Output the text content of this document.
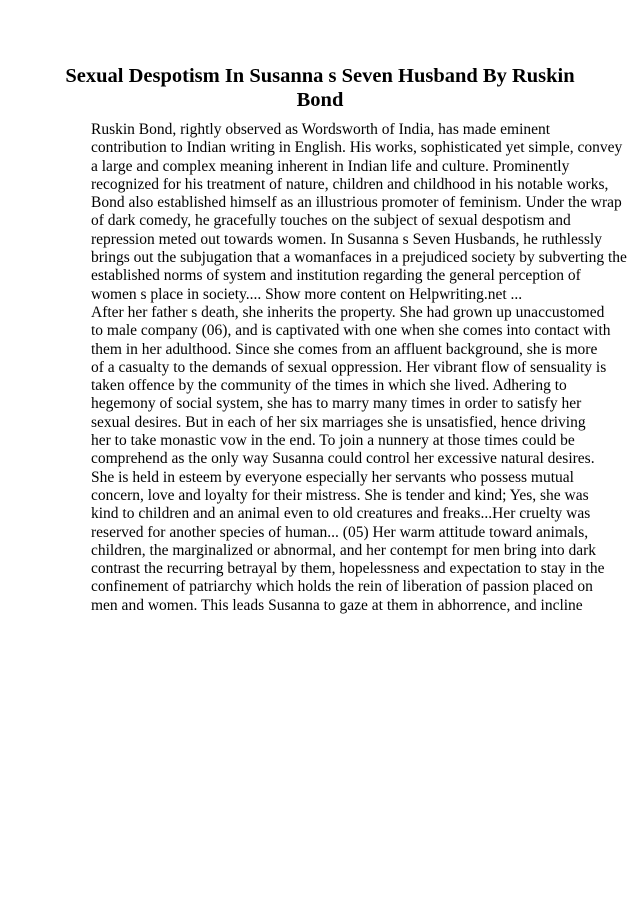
Sexual Despotism In Susanna s Seven Husband By Ruskin
Bond
Ruskin Bond, rightly observed as Wordsworth of India, has made eminent
contribution to Indian writing in English. His works, sophisticated yet simple, convey
a large and complex meaning inherent in Indian life and culture. Prominently
recognized for his treatment of nature, children and childhood in his notable works,
Bond also established himself as an illustrious promoter of feminism. Under the wrap
of dark comedy, he gracefully touches on the subject of sexual despotism and
repression meted out towards women. In Susanna s Seven Husbands, he ruthlessly
brings out the subjugation that a womanfaces in a prejudiced society by subverting the
established norms of system and institution regarding the general perception of
women s place in society.... Show more content on Helpwriting.net ...
After her father s death, she inherits the property. She had grown up unaccustomed
to male company (06), and is captivated with one when she comes into contact with
them in her adulthood. Since she comes from an affluent background, she is more
of a casualty to the demands of sexual oppression. Her vibrant flow of sensuality is
taken offence by the community of the times in which she lived. Adhering to
hegemony of social system, she has to marry many times in order to satisfy her
sexual desires. But in each of her six marriages she is unsatisfied, hence driving
her to take monastic vow in the end. To join a nunnery at those times could be
comprehend as the only way Susanna could control her excessive natural desires.
She is held in esteem by everyone especially her servants who possess mutual
concern, love and loyalty for their mistress. She is tender and kind; Yes, she was
kind to children and an animal even to old creatures and freaks...Her cruelty was
reserved for another species of human... (05) Her warm attitude toward animals,
children, the marginalized or abnormal, and her contempt for men bring into dark
contrast the recurring betrayal by them, hopelessness and expectation to stay in the
confinement of patriarchy which holds the rein of liberation of passion placed on
men and women. This leads Susanna to gaze at them in abhorrence, and incline
